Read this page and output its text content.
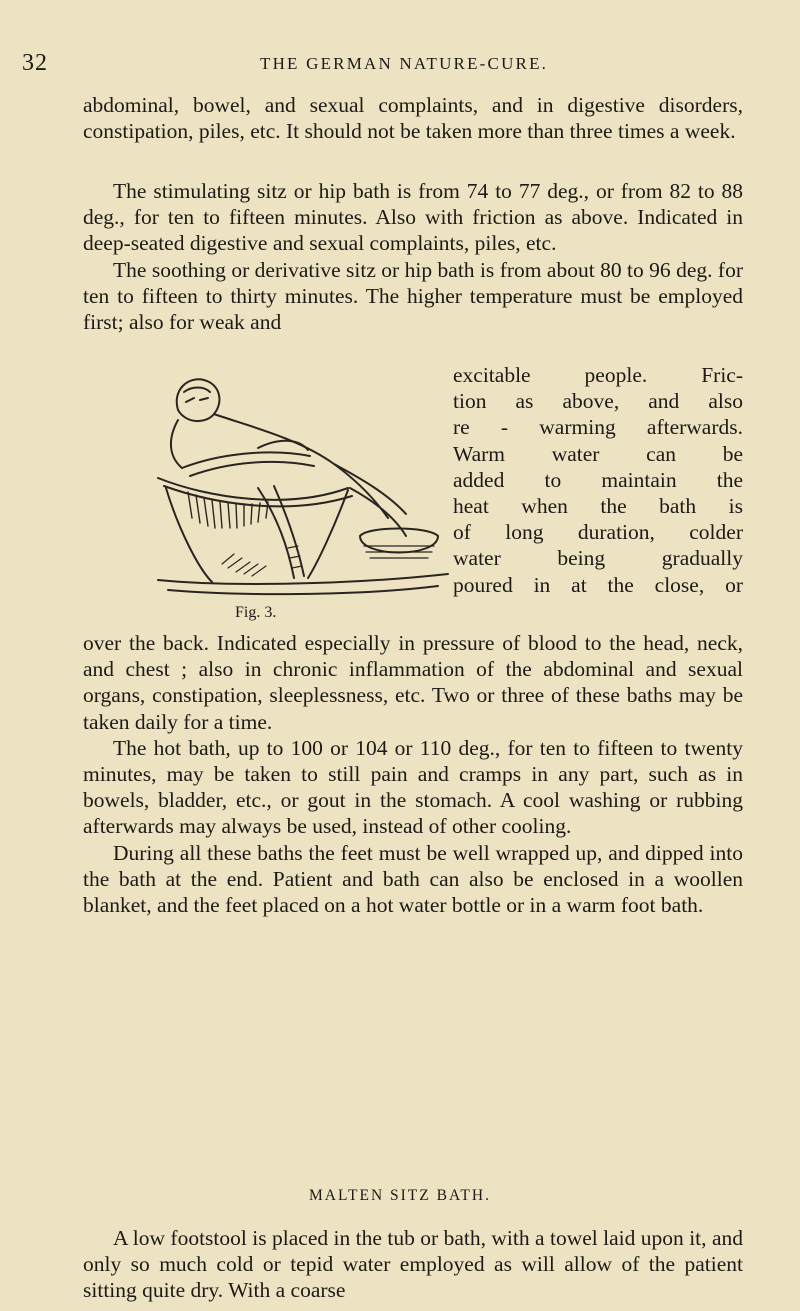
32	THE GERMAN NATURE-CURE.

abdominal, bowel, and sexual complaints, and in digestive disorders, constipation, piles, etc. It should not be taken more than three times a week.

The stimulating sitz or hip bath is from 74 to 77 deg., or from 82 to 88 deg., for ten to fifteen minutes. Also with friction as above. Indicated in deep-seated digestive and sexual complaints, piles, etc.

The soothing or derivative sitz or hip bath is from about 80 to 96 deg. for ten to fifteen to thirty minutes. The higher temperature must be employed first; also for weak and

excitable people. Fric-
tion as above, and also
re - warming afterwards.
Warm water can be
added to maintain the
heat when the bath is
of long duration, colder
water being gradually
poured in at the close, or
Fig. 3.

over the back. Indicated especially in pressure of blood to the head, neck, and chest ; also in chronic inflammation of the abdominal and sexual organs, constipation, sleeplessness, etc. Two or three of these baths may be taken daily for a time.

The hot bath, up to 100 or 104 or 110 deg., for ten to fifteen to twenty minutes, may be taken to still pain and cramps in any part, such as in bowels, bladder, etc., or gout in the stomach. A cool washing or rubbing afterwards may always be used, instead of other cooling.

During all these baths the feet must be well wrapped up, and dipped into the bath at the end. Patient and bath can also be enclosed in a woollen blanket, and the feet placed on a hot water bottle or in a warm foot bath.

MALTEN SITZ BATH.

A low footstool is placed in the tub or bath, with a towel laid upon it, and only so much cold or tepid water employed as will allow of the patient sitting quite dry. With a coarse
